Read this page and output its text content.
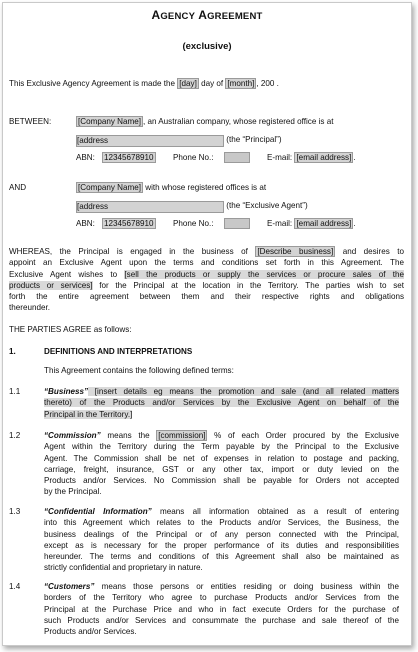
AGENCY AGREEMENT
(exclusive)
This Exclusive Agency Agreement is made the [day] day of [month] , 200 .
BETWEEN:	[Company Name] , an Australian company, whose registered office is at
[address	(the “Principal”)
ABN: 12345678910 Phone No.:	E-mail: [email address] .
AND	[Company Name] with whose registered offices is at
[address	(the “Exclusive Agent”)
ABN: 12345678910 Phone No.:	E-mail: [email address] .
WHEREAS, the Principal is engaged in the business of [Describe business] and desires to
appoint an Exclusive Agent upon the terms and conditions set forth in this Agreement. The
Exclusive Agent wishes to [sell the products or supply the services or procure sales of the
products or services] for the Principal at the location in the Territory. The parties wish to set
forth the entire agreement between them and their respective rights and obligations
thereunder.
THE PARTIES AGREE as follows:
1.	DEFINITIONS AND INTERPRETATIONS
This Agreement contains the following defined terms:
1.1	“Business” [insert details eg means the promotion and sale (and all related matters
thereto) of the Products and/or Services by the Exclusive Agent on behalf of the
Principal in the Territory.]
1.2	“Commission” means the [commission] % of each Order procured by the Exclusive
Agent within the Territory during the Term payable by the Principal to the Exclusive
Agent. The Commission shall be net of expenses in relation to postage and packing,
carriage, freight, insurance, GST or any other tax, import or duty levied on the
Products and/or Services. No Commission shall be payable for Orders not accepted
by the Principal.
1.3	“Confidential Information” means all information obtained as a result of entering
into this Agreement which relates to the Products and/or Services, the Business, the
business dealings of the Principal or of any person connected with the Principal,
except as is necessary for the proper performance of its duties and responsibilities
hereunder. The terms and conditions of this Agreement shall also be maintained as
strictly confidential and proprietary in nature.
1.4	“Customers” means those persons or entities residing or doing business within the
borders of the Territory who agree to purchase Products and/or Services from the
Principal at the Purchase Price and who in fact execute Orders for the purchase of
such Products and/or Services and consummate the purchase and sale thereof of the
Products and/or Services.
